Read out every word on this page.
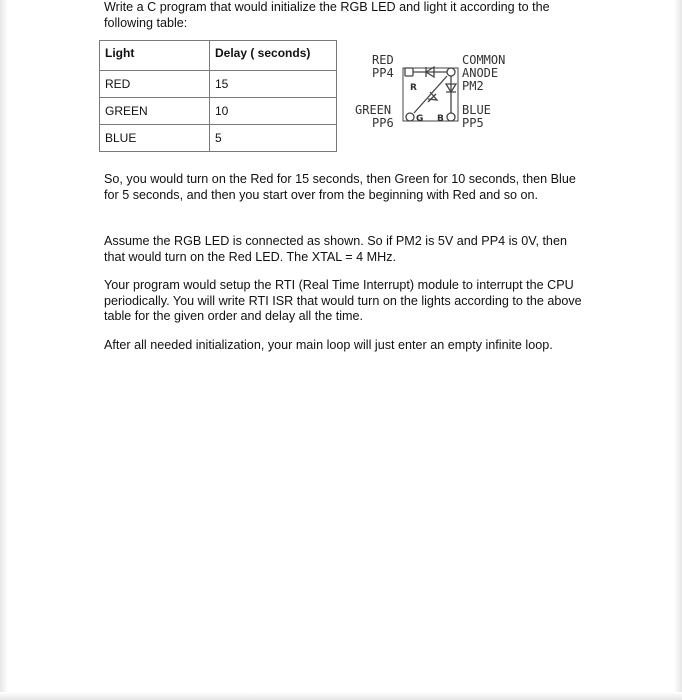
Write a C program that would initialize the RGB LED and light it according to the following table:

Light	Delay ( seconds)
RED	15
GREEN	10
BLUE	5
RED
PP4
COMMON
ANODE
PM2
GREEN
PP6
BLUE
PP5
R
G B

So, you would turn on the Red for 15 seconds, then Green for 10 seconds, then Blue for 5 seconds, and then you start over from the beginning with Red and so on.

Assume the RGB LED is connected as shown. So if PM2 is 5V and PP4 is 0V, then that would turn on the Red LED. The XTAL = 4 MHz.

Your program would setup the RTI (Real Time Interrupt) module to interrupt the CPU periodically. You will write RTI ISR that would turn on the lights according to the above table for the given order and delay all the time.

After all needed initialization, your main loop will just enter an empty infinite loop.
